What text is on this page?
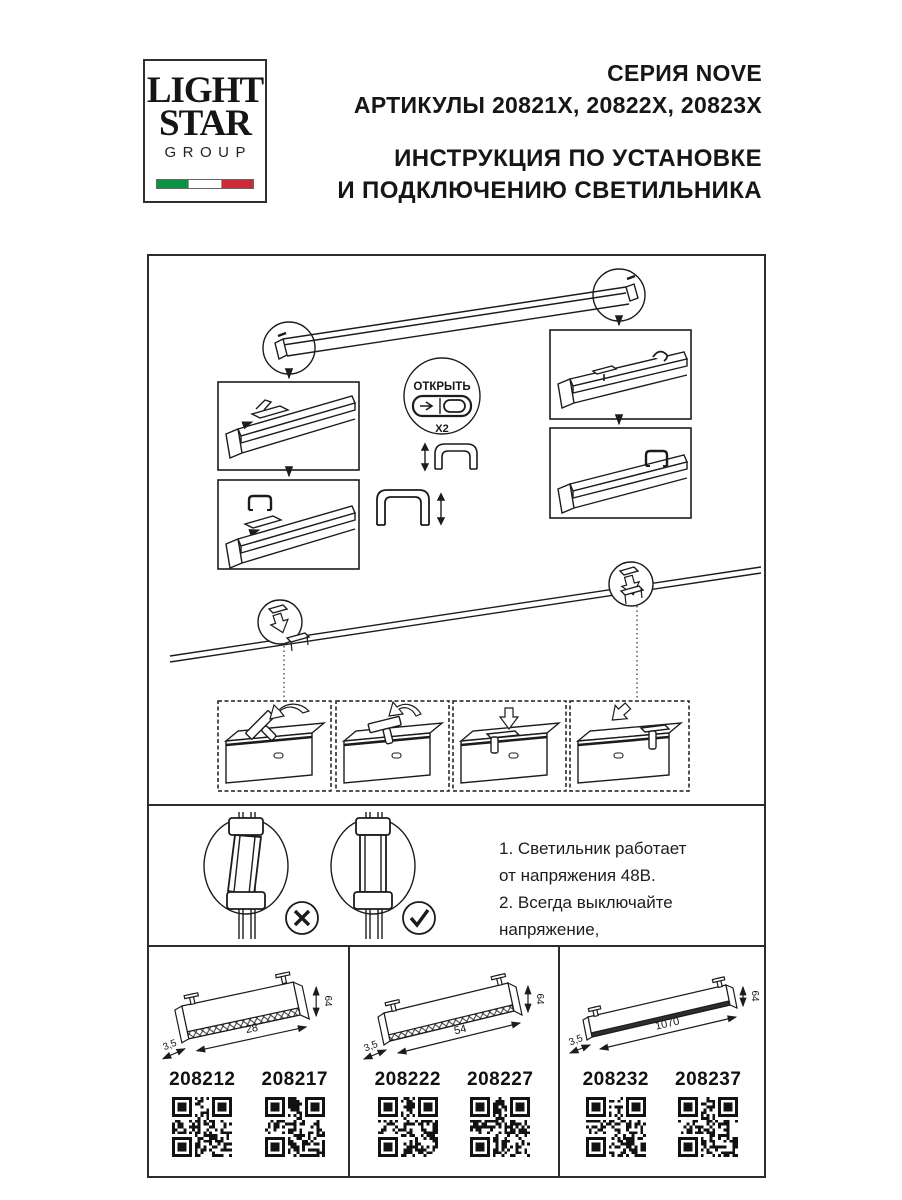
LIGHT
STAR
GROUP
СЕРИЯ NOVE
АРТИКУЛЫ 20821X, 20822X, 20823X
ИНСТРУКЦИЯ ПО УСТАНОВКЕ
И ПОДКЛЮЧЕНИЮ СВЕТИЛЬНИКА
ОТКРЫТЬ
X2
1. Светильник работает
от напряжения 48В.
2. Всегда выключайте напряжение,
28
3,5
64
208212 208217
54
3,5
64
208222 208227
1070
3,5
64
208232 208237
